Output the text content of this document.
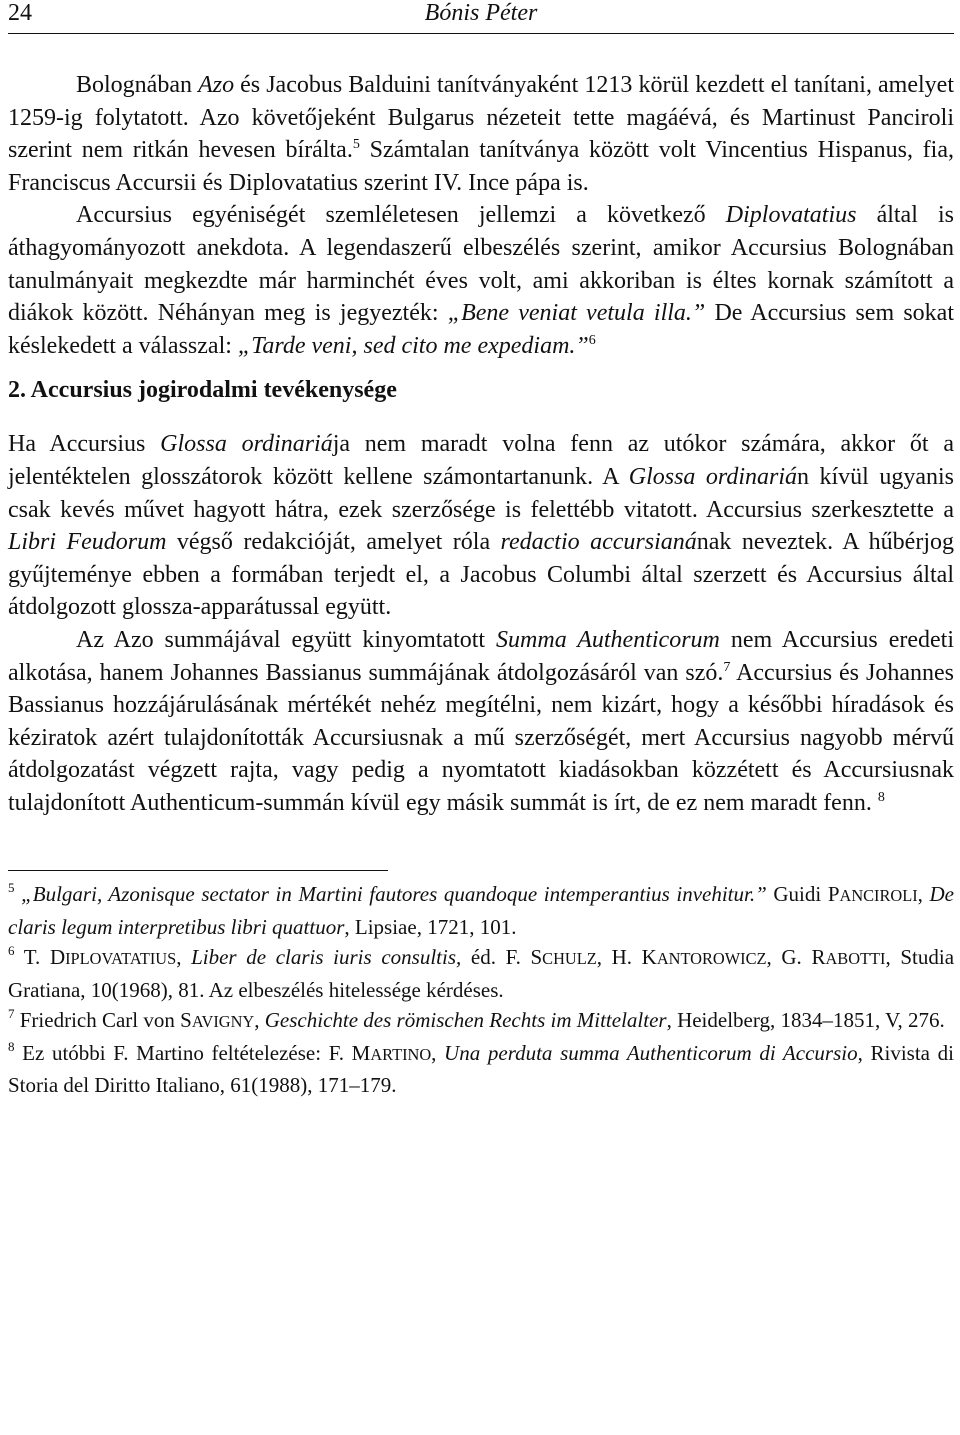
24	Bónis Péter

Bolognában Azo és Jacobus Balduini tanítványaként 1213 körül kezdett el tanítani, amelyet 1259-ig folytatott. Azo követőjeként Bulgarus nézeteit tette magáévá, és Martinust Panciroli szerint nem ritkán hevesen bírálta.$^5$ Számtalan tanítványa között volt Vincentius Hispanus, fia, Franciscus Accursii és Diplovatatius szerint IV. Ince pápa is.

Accursius egyéniségét szemléletesen jellemzi a következő Diplovatatius által is áthagyományozott anekdota. A legendaszerű elbeszélés szerint, amikor Accursius Bolognában tanulmányait megkezdte már harminchét éves volt, ami akkoriban is éltes kornak számított a diákok között. Néhányan meg is jegyezték: „Bene veniat vetula illa.” De Accursius sem sokat késlekedett a válasszal: „Tarde veni, sed cito me expediam.”$^6$

2. Accursius jogirodalmi tevékenysége

Ha Accursius Glossa ordinariája nem maradt volna fenn az utókor számára, akkor őt a jelentéktelen glosszátorok között kellene számontartanunk. A Glossa ordinarián kívül ugyanis csak kevés művet hagyott hátra, ezek szerzősége is felettébb vitatott. Accursius szerkesztette a Libri Feudorum végső redakcióját, amelyet róla redactio accursianának neveztek. A hűbérjog gyűjteménye ebben a formában terjedt el, a Jacobus Columbi által szerzett és Accursius által átdolgozott glossza-apparátussal együtt.

Az Azo summájával együtt kinyomtatott Summa Authenticorum nem Accursius eredeti alkotása, hanem Johannes Bassianus summájának átdolgozásáról van szó.$^7$ Accursius és Johannes Bassianus hozzájárulásának mértékét nehéz megítélni, nem kizárt, hogy a későbbi híradások és kéziratok azért tulajdonították Accursiusnak a mű szerzőségét, mert Accursius nagyobb mérvű átdolgozatást végzett rajta, vagy pedig a nyomtatott kiadásokban közzétett és Accursiusnak tulajdonított Authenticum-summán kívül egy másik summát is írt, de ez nem maradt fenn. $^8$

$^5$ „Bulgari, Azonisque sectator in Martini fautores quandoque intemperantius invehitur.” Guidi PANCIROLI, De claris legum interpretibus libri quattuor, Lipsiae, 1721, 101.
$^6$ T. DIPLOVATATIUS, Liber de claris iuris consultis, éd. F. SCHULZ, H. KANTOROWICZ, G. RABOTTI, Studia Gratiana, 10(1968), 81. Az elbeszélés hitelessége kérdéses.
$^7$ Friedrich Carl von SAVIGNY, Geschichte des römischen Rechts im Mittelalter, Heidelberg, 1834–1851, V, 276.
$^8$ Ez utóbbi F. Martino feltételezése: F. MARTINO, Una perduta summa Authenticorum di Accursio, Rivista di Storia del Diritto Italiano, 61(1988), 171–179.
